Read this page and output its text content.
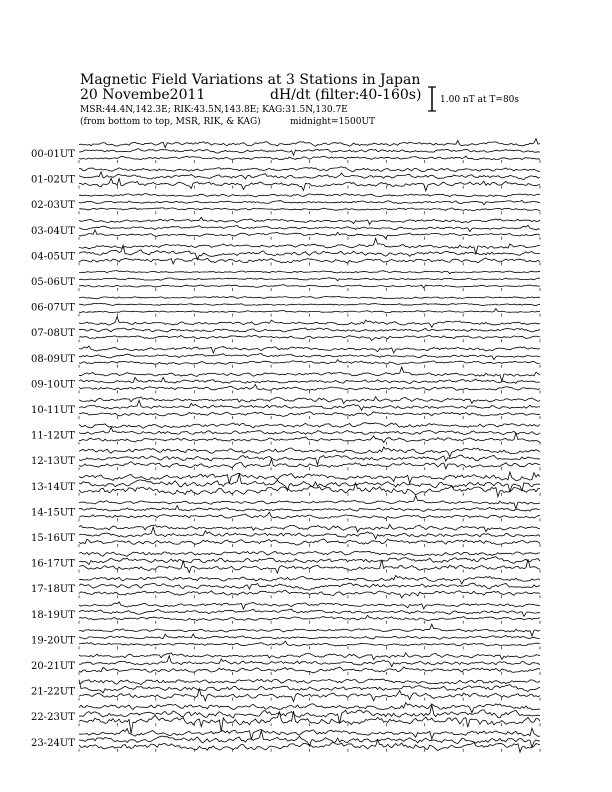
Magnetic Field Variations at 3 Stations in Japan
20 Novembe2011	dH/dt (filter:40-160s)
MSR:44.4N,142.3E; RIK:43.5N,143.8E; KAG:31.5N,130.7E
(from bottom to top, MSR, RIK, & KAG)	midnight=1500UT
1.00 nT at T=80s
00-01UT
01-02UT
02-03UT
03-04UT
04-05UT
05-06UT
06-07UT
07-08UT
08-09UT
09-10UT
10-11UT
11-12UT
12-13UT
13-14UT
14-15UT
15-16UT
16-17UT
17-18UT
18-19UT
19-20UT
20-21UT
21-22UT
22-23UT
23-24UT
